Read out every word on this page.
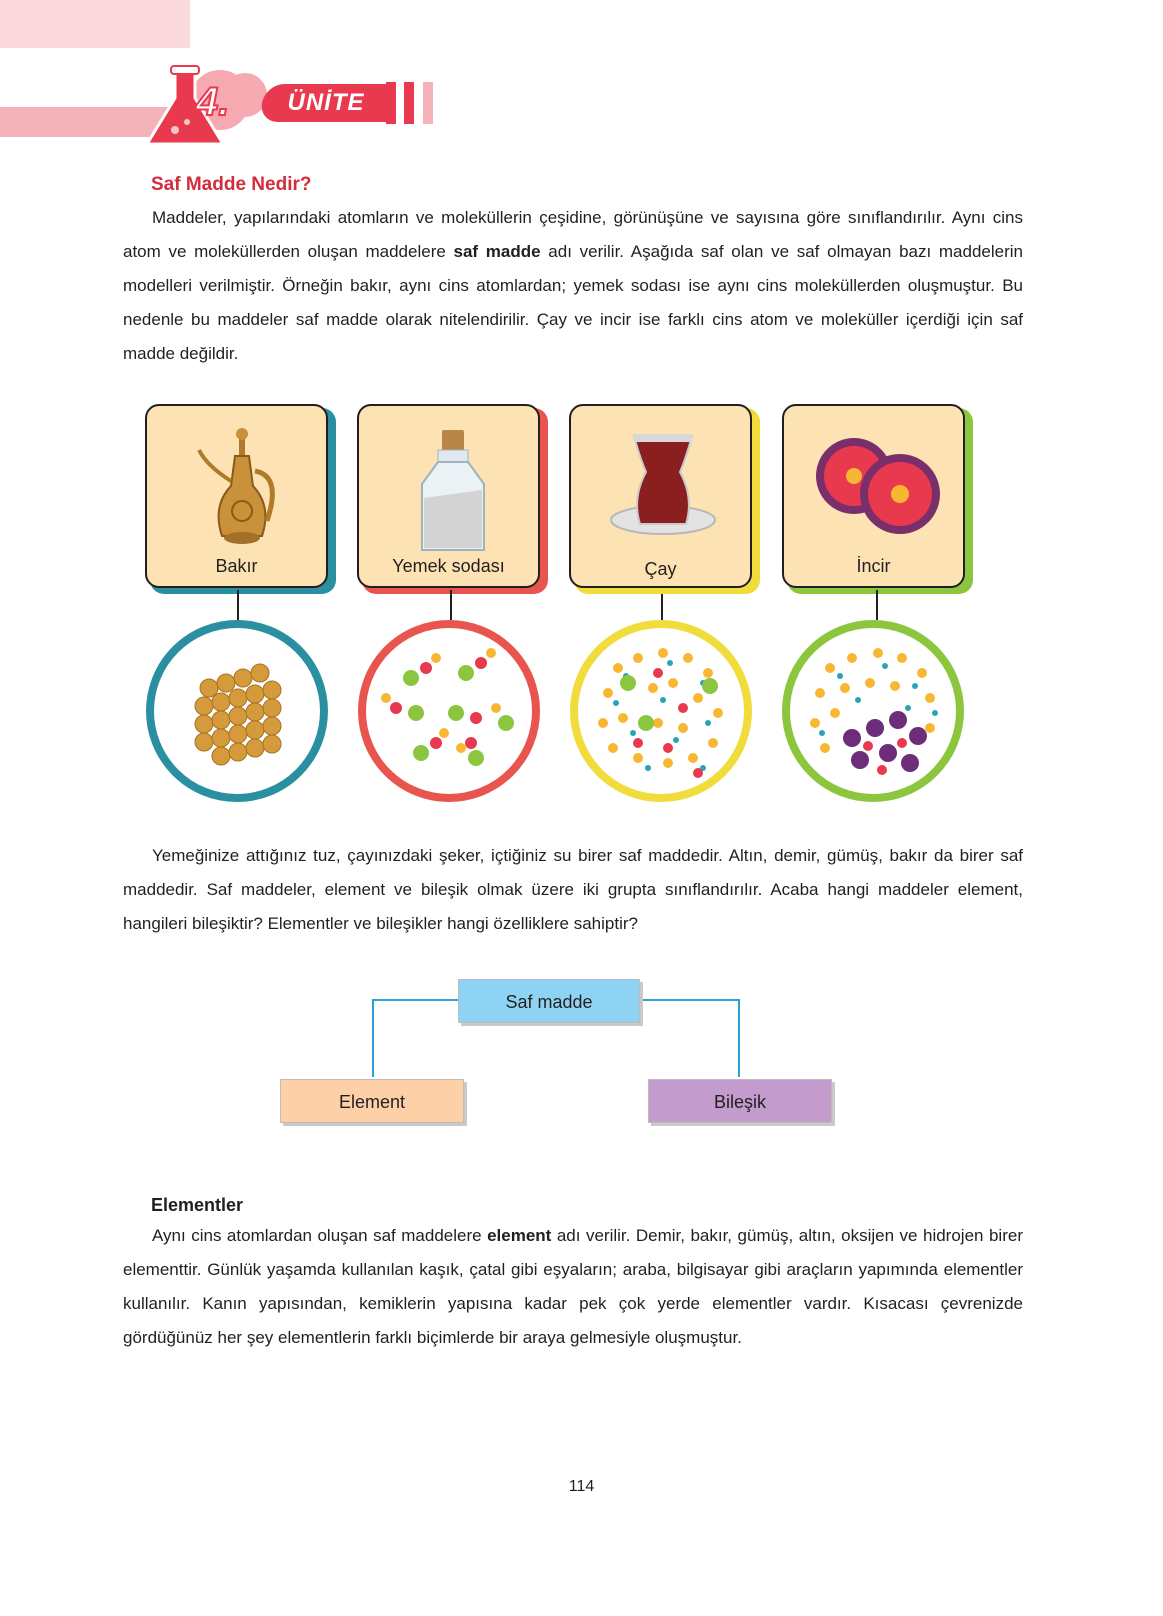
4.	ÜNİTE
Saf Madde Nedir?

Maddeler, yapılarındaki atomların ve moleküllerin çeşidine, görünüşüne ve sayısına göre sınıflandırılır. Aynı cins atom ve moleküllerden oluşan maddelere saf madde adı verilir. Aşağıda saf olan ve saf olmayan bazı maddelerin modelleri verilmiştir. Örneğin bakır, aynı cins atomlardan; yemek sodası ise aynı cins moleküllerden oluşmuştur. Bu nedenle bu maddeler saf madde olarak nitelendirilir. Çay ve incir ise farklı cins atom ve moleküller içerdiği için saf madde değildir.

Bakır	Yemek sodası	Çay	İncir

Yemeğinize attığınız tuz, çayınızdaki şeker, içtiğiniz su birer saf maddedir. Altın, demir, gümüş, bakır da birer saf maddedir. Saf maddeler, element ve bileşik olmak üzere iki grupta sınıflandırılır. Acaba hangi maddeler element, hangileri bileşiktir? Elementler ve bileşikler hangi özelliklere sahiptir?

Saf madde
Element	Bileşik
Elementler

Aynı cins atomlardan oluşan saf maddelere element adı verilir. Demir, bakır, gümüş, altın, oksijen ve hidrojen birer elementtir. Günlük yaşamda kullanılan kaşık, çatal gibi eşyaların; araba, bilgisayar gibi araçların yapımında elementler kullanılır. Kanın yapısından, kemiklerin yapısına kadar pek çok yerde elementler vardır. Kısacası çevrenizde gördüğünüz her şey elementlerin farklı biçimlerde bir araya gelmesiyle oluşmuştur.

114
